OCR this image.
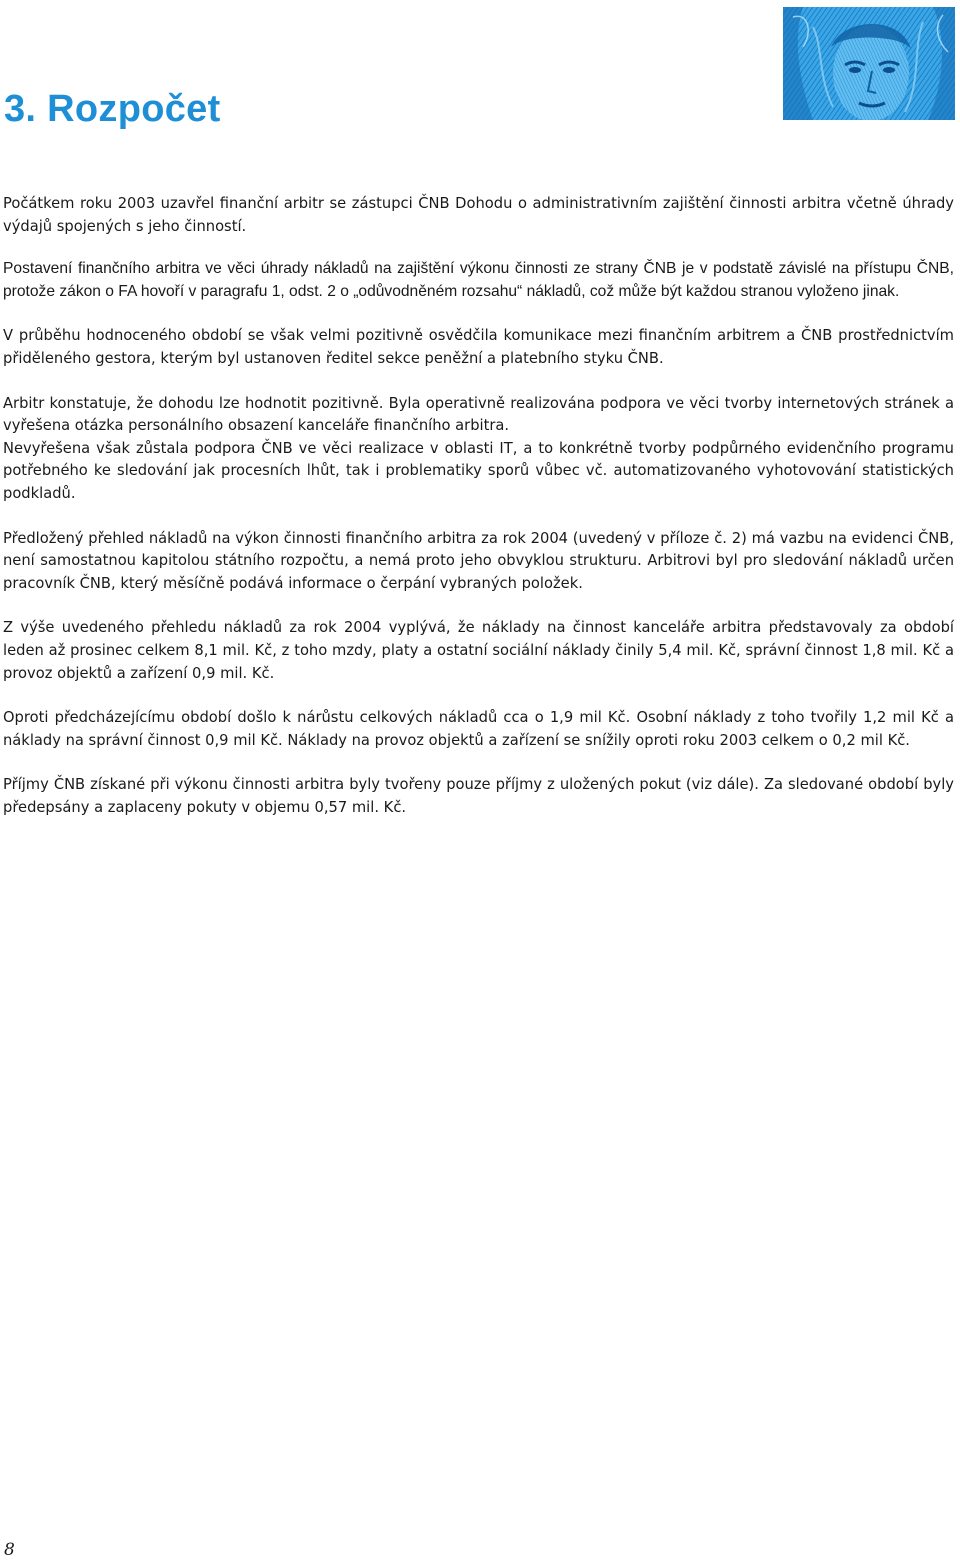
3. Rozpočet

Počátkem roku 2003 uzavřel finanční arbitr se zástupci ČNB Dohodu o administrativním zajištění činnosti arbitra včetně úhrady výdajů spojených s jeho činností.

Postavení finančního arbitra ve věci úhrady nákladů na zajištění výkonu činnosti ze strany ČNB je v podstatě závislé na přístupu ČNB, protože zákon o FA hovoří v paragrafu 1, odst. 2 o „odůvodněném rozsahu“ nákladů, což může být každou stranou vyloženo jinak.

V průběhu hodnoceného období se však velmi pozitivně osvědčila komunikace mezi finančním arbitrem a ČNB prostřednictvím přiděleného gestora, kterým byl ustanoven ředitel sekce peněžní a platebního styku ČNB.

Arbitr konstatuje, že dohodu lze hodnotit pozitivně. Byla operativně realizována podpora ve věci tvorby internetových stránek a vyřešena otázka personálního obsazení kanceláře finančního arbitra.

Nevyřešena však zůstala podpora ČNB ve věci realizace v oblasti IT, a to konkrétně tvorby podpůrného evidenčního programu potřebného ke sledování jak procesních lhůt, tak i problematiky sporů vůbec vč. automatizovaného vyhotovování statistických podkladů.

Předložený přehled nákladů na výkon činnosti finančního arbitra za rok 2004 (uvedený v příloze č. 2) má vazbu na evidenci ČNB, není samostatnou kapitolou státního rozpočtu, a nemá proto jeho obvyklou strukturu. Arbitrovi byl pro sledování nákladů určen pracovník ČNB, který měsíčně podává informace o čerpání vybraných položek.

Z výše uvedeného přehledu nákladů za rok 2004 vyplývá, že náklady na činnost kanceláře arbitra představovaly za období leden až prosinec celkem 8,1 mil. Kč, z toho mzdy, platy a ostatní sociální náklady činily 5,4 mil. Kč, správní činnost 1,8 mil. Kč a provoz objektů a zařízení 0,9 mil. Kč.

Oproti předcházejícímu období došlo k nárůstu celkových nákladů cca o 1,9 mil Kč. Osobní náklady z toho tvořily 1,2 mil Kč a náklady na správní činnost 0,9 mil Kč. Náklady na provoz objektů a zařízení se snížily oproti roku 2003 celkem o 0,2 mil Kč.

Příjmy ČNB získané při výkonu činnosti arbitra byly tvořeny pouze příjmy z uložených pokut (viz dále). Za sledované období byly předepsány a zaplaceny pokuty v objemu 0,57 mil. Kč.

8
